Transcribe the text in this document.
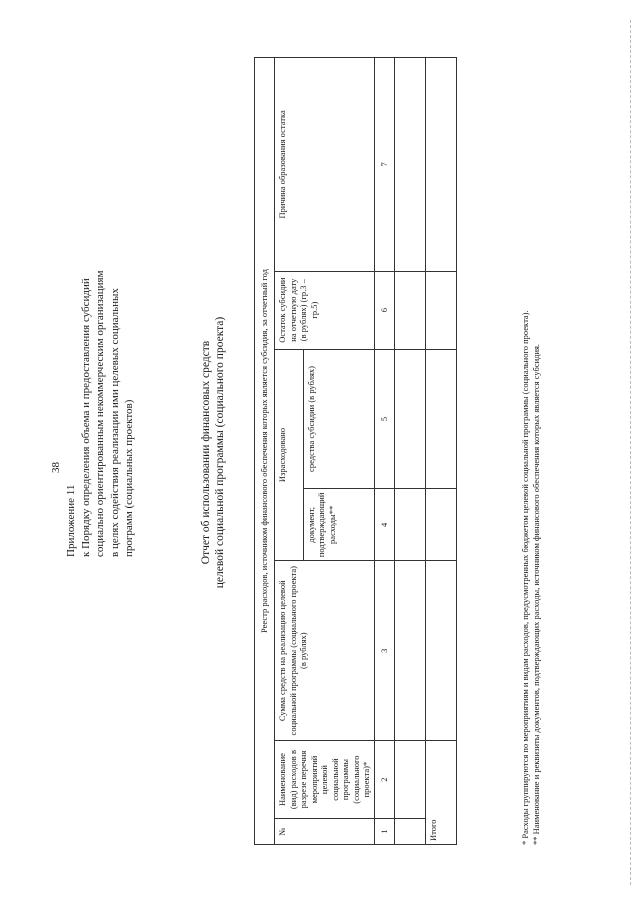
38
Приложение 11 к Порядку определения объема и предоставления субсидий социально ориентированным некоммерческим организациям в целях содействия реализации ими целевых социальных программ (социальных проектов)	Отчет об использовании финансовых средств целевой социальной программы (социального проекта)	Реестр расходов, источником финансового обеспечения которых является субсидия, за отчетный год						
№	Наименование (вид) расходов в разрезе перечня мероприятий целевой социальной программы (социального проекта)*	Сумма средств на реализацию целевой социальной программы (социального проекта) (в рублях)	Израсходовано		Остаток субсидии на отчетную дату (в рублях) (гр.3 – гр.5)	Причина образования остатка
			документ, подтверждающий расходы**	средства субсидии (в рублях)		
1	2	3	4	5	6	7

Итого							* Расходы группируются по мероприятиям и видам расходов, предусмотренных бюджетом целевой социальной программы (социального проекта). ** Наименование и реквизиты документов, подтверждающих расходы, источником финансового обеспечения которых является субсидия.
